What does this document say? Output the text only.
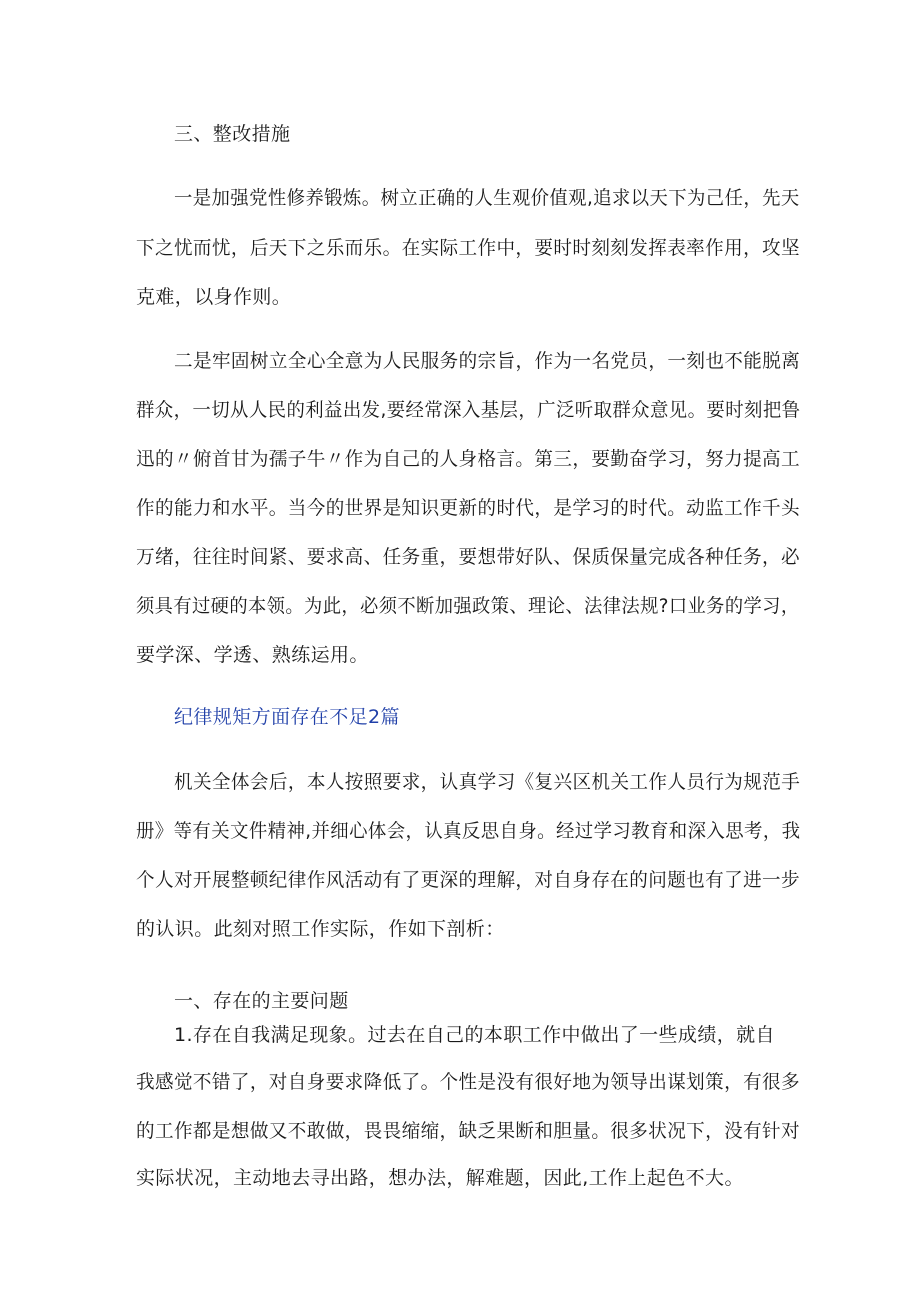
三、整改措施
一是加强党性修养锻炼。树立正确的人生观价值观,追求以天下为己任，先天
下之忧而忧，后天下之乐而乐。在实际工作中，要时时刻刻发挥表率作用，攻坚
克难，以身作则。
二是牢固树立全心全意为人民服务的宗旨，作为一名党员，一刻也不能脱离
群众，一切从人民的利益出发,要经常深入基层，广泛听取群众意见。要时刻把鲁
迅的〃俯首甘为孺子牛〃作为自己的人身格言。第三，要勤奋学习，努力提高工
作的能力和水平。当今的世界是知识更新的时代，是学习的时代。动监工作千头
万绪，往往时间紧、要求高、任务重，要想带好队、保质保量完成各种任务，必
须具有过硬的本领。为此，必须不断加强政策、理论、法律法规?口业务的学习，
要学深、学透、熟练运用。
纪律规矩方面存在不足2篇
机关全体会后，本人按照要求，认真学习《复兴区机关工作人员行为规范手
册》等有关文件精神,并细心体会，认真反思自身。经过学习教育和深入思考，我
个人对开展整顿纪律作风活动有了更深的理解，对自身存在的问题也有了进一步
的认识。此刻对照工作实际，作如下剖析：
一、存在的主要问题
1.存在自我满足现象。过去在自己的本职工作中做出了一些成绩，就自
我感觉不错了，对自身要求降低了。个性是没有很好地为领导出谋划策，有很多
的工作都是想做又不敢做，畏畏缩缩，缺乏果断和胆量。很多状况下，没有针对
实际状况，主动地去寻出路，想办法，解难题，因此,工作上起色不大。
